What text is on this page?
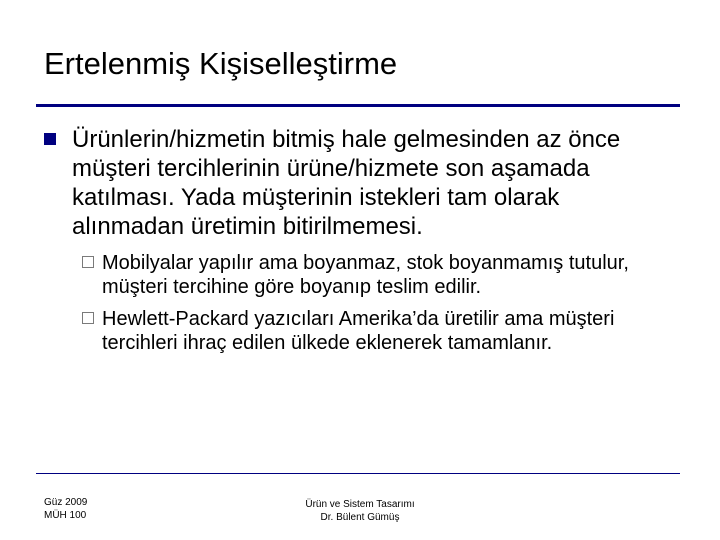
Ertelenmiş Kişiselleştirme
Ürünlerin/hizmetin bitmiş hale gelmesinden az önce müşteri tercihlerinin ürüne/hizmete son aşamada katılması. Yada müşterinin istekleri tam olarak alınmadan üretimin bitirilmemesi.
Mobilyalar yapılır ama boyanmaz, stok boyanmamış tutulur, müşteri tercihine göre boyanıp teslim edilir.
Hewlett-Packard yazıcıları Amerika’da üretilir ama müşteri tercihleri ihraç edilen ülkede eklenerek tamamlanır.
Güz 2009
MÜH 100
Ürün ve Sistem Tasarımı
Dr. Bülent Gümüş
